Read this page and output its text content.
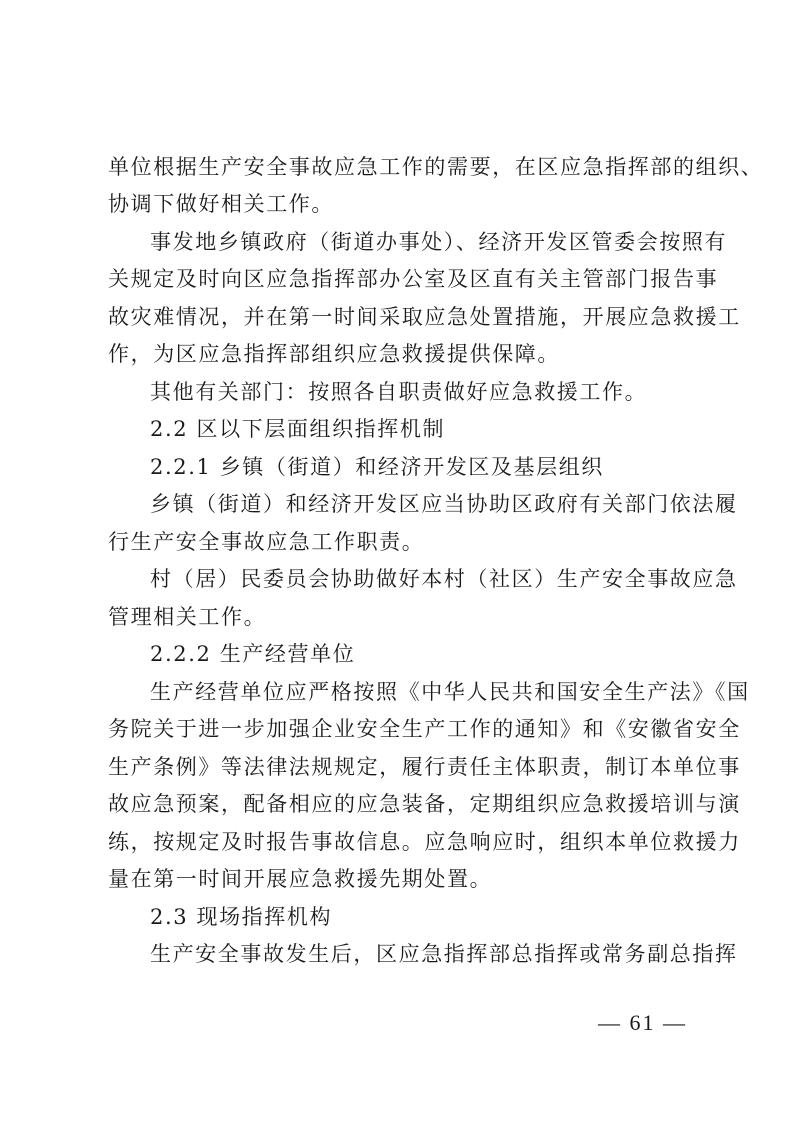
单位根据生产安全事故应急工作的需要，在区应急指挥部的组织、
协调下做好相关工作。
事发地乡镇政府（街道办事处）、经济开发区管委会按照有
关规定及时向区应急指挥部办公室及区直有关主管部门报告事
故灾难情况，并在第一时间采取应急处置措施，开展应急救援工
作，为区应急指挥部组织应急救援提供保障。
其他有关部门：按照各自职责做好应急救援工作。
2.2 区以下层面组织指挥机制
2.2.1 乡镇（街道）和经济开发区及基层组织
乡镇（街道）和经济开发区应当协助区政府有关部门依法履
行生产安全事故应急工作职责。
村（居）民委员会协助做好本村（社区）生产安全事故应急
管理相关工作。
2.2.2 生产经营单位
生产经营单位应严格按照《中华人民共和国安全生产法》《国
务院关于进一步加强企业安全生产工作的通知》和《安徽省安全
生产条例》等法律法规规定，履行责任主体职责，制订本单位事
故应急预案，配备相应的应急装备，定期组织应急救援培训与演
练，按规定及时报告事故信息。应急响应时，组织本单位救援力
量在第一时间开展应急救援先期处置。
2.3 现场指挥机构
生产安全事故发生后，区应急指挥部总指挥或常务副总指挥
— 61 —
